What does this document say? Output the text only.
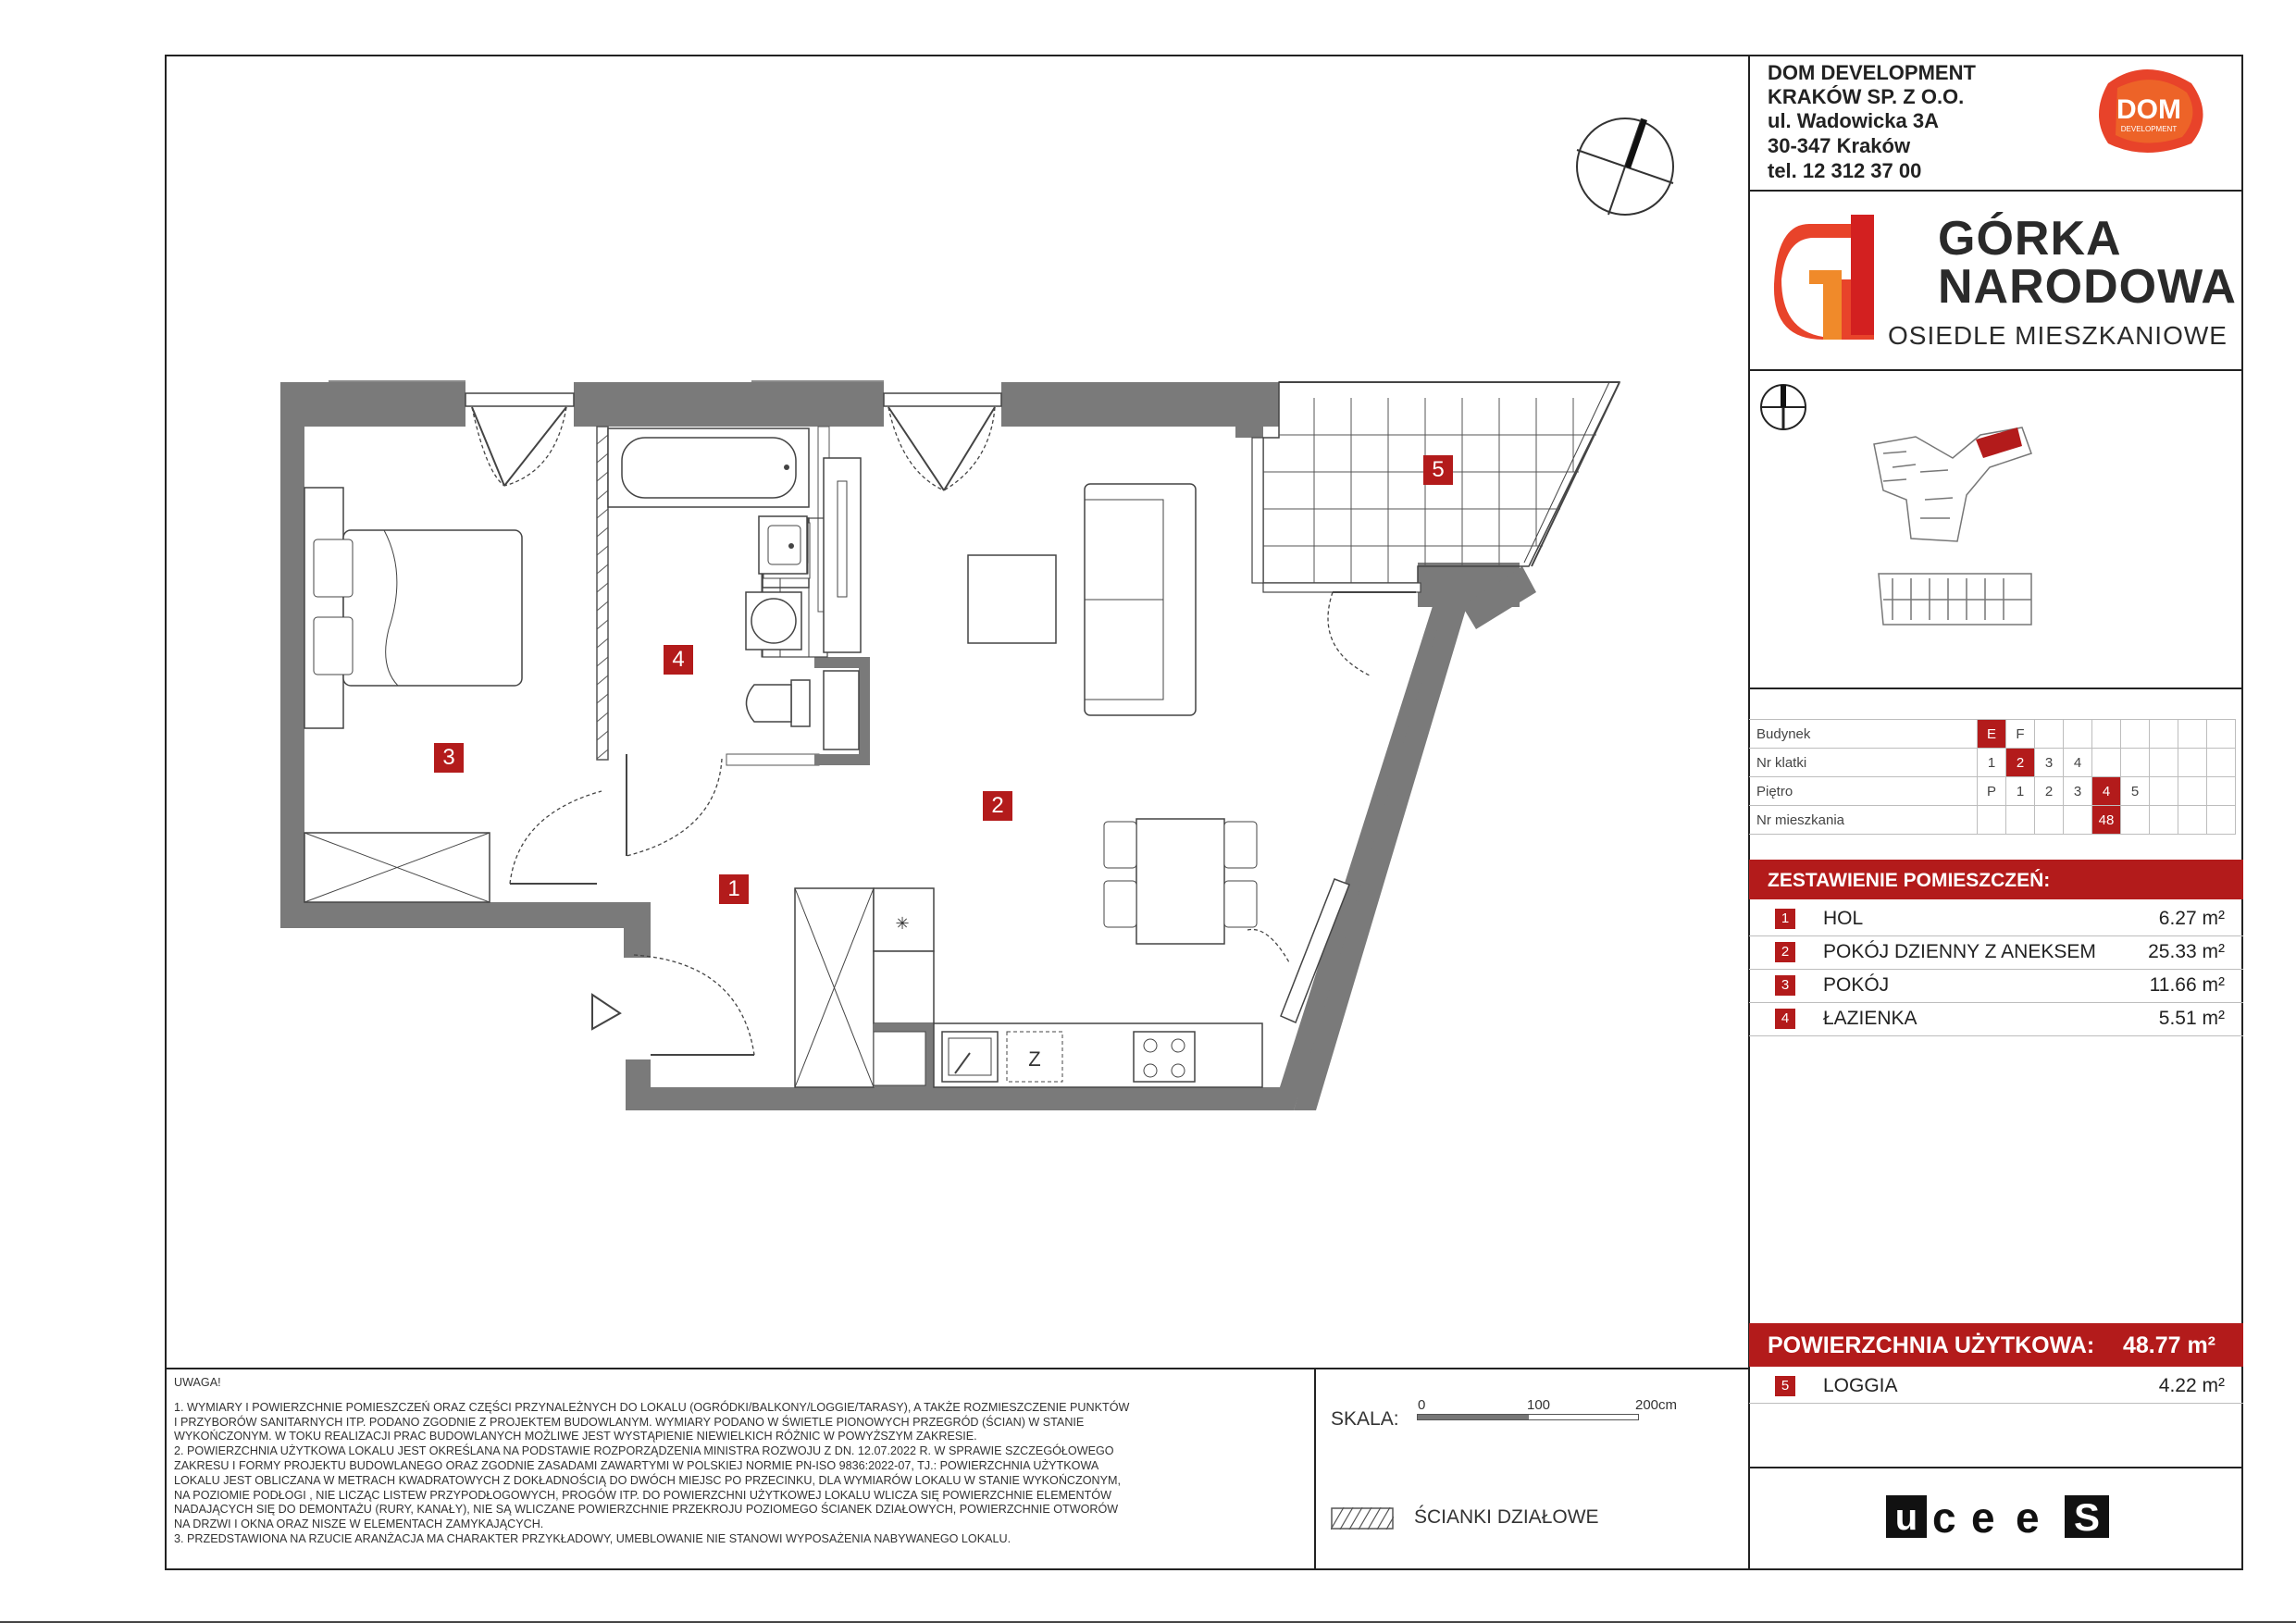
DOM DEVELOPMENT
KRAKÓW SP. Z O.O.
ul. Wadowicka 3A
30-347 Kraków
tel. 12 312 37 00
DOM
DEVELOPMENT
GÓRKA
NARODOWA
OSIEDLE MIESZKANIOWE
Budynek	E	F							
Nr klatki	1	2	3	4					
Piętro	P	1	2	3	4	5			
Nr mieszkania					48				
ZESTAWIENIE POMIESZCZEŃ:
1	HOL	6.27 m²
2	POKÓJ DZIENNY Z ANEKSEM	25.33 m²
3	POKÓJ	11.66 m²
4	ŁAZIENKA	5.51 m²
POWIERZCHNIA UŻYTKOWA: 48.77 m²
5	LOGGIA	4.22 m²
u c e e S
UWAGA!
1. WYMIARY I POWIERZCHNIE POMIESZCZEŃ ORAZ CZĘŚCI PRZYNALEŻNYCH DO LOKALU (OGRÓDKI/BALKONY/LOGGIE/TARASY), A TAKŻE ROZMIESZCZENIE PUNKTÓW
I PRZYBORÓW SANITARNYCH ITP. PODANO ZGODNIE Z PROJEKTEM BUDOWLANYM. WYMIARY PODANO W ŚWIETLE PIONOWYCH PRZEGRÓD (ŚCIAN) W STANIE
WYKOŃCZONYM. W TOKU REALIZACJI PRAC BUDOWLANYCH MOŻLIWE JEST WYSTĄPIENIE NIEWIELKICH RÓŻNIC W POWYŻSZYM ZAKRESIE.
2. POWIERZCHNIA UŻYTKOWA LOKALU JEST OKREŚLANA NA PODSTAWIE ROZPORZĄDZENIA MINISTRA ROZWOJU Z DN. 12.07.2022 R. W SPRAWIE SZCZEGÓŁOWEGO
ZAKRESU I FORMY PROJEKTU BUDOWLANEGO ORAZ ZGODNIE ZASADAMI ZAWARTYMI W POLSKIEJ NORMIE PN-ISO 9836:2022-07, TJ.: POWIERZCHNIA UŻYTKOWA
LOKALU JEST OBLICZANA W METRACH KWADRATOWYCH Z DOKŁADNOŚCIĄ DO DWÓCH MIEJSC PO PRZECINKU, DLA WYMIARÓW LOKALU W STANIE WYKOŃCZONYM,
NA POZIOMIE PODŁOGI , NIE LICZĄC LISTEW PRZYPODŁOGOWYCH, PROGÓW ITP. DO POWIERZCHNI UŻYTKOWEJ LOKALU WLICZA SIĘ POWIERZCHNIE ELEMENTÓW
NADAJĄCYCH SIĘ DO DEMONTAŻU (RURY, KANAŁY), NIE SĄ WLICZANE POWIERZCHNIE PRZEKROJU POZIOMEGO ŚCIANEK DZIAŁOWYCH, POWIERZCHNIE OTWORÓW
NA DRZWI I OKNA ORAZ NISZE W ELEMENTACH ZAMYKAJĄCYCH.
3. PRZEDSTAWIONA NA RZUCIE ARANŻACJA MA CHARAKTER PRZYKŁADOWY, UMEBLOWANIE NIE STANOWI WYPOSAŻENIA NABYWANEGO LOKALU.
SKALA:
0	100	200cm
ŚCIANKI DZIAŁOWE
✳
Z
1
2
3
4
5
